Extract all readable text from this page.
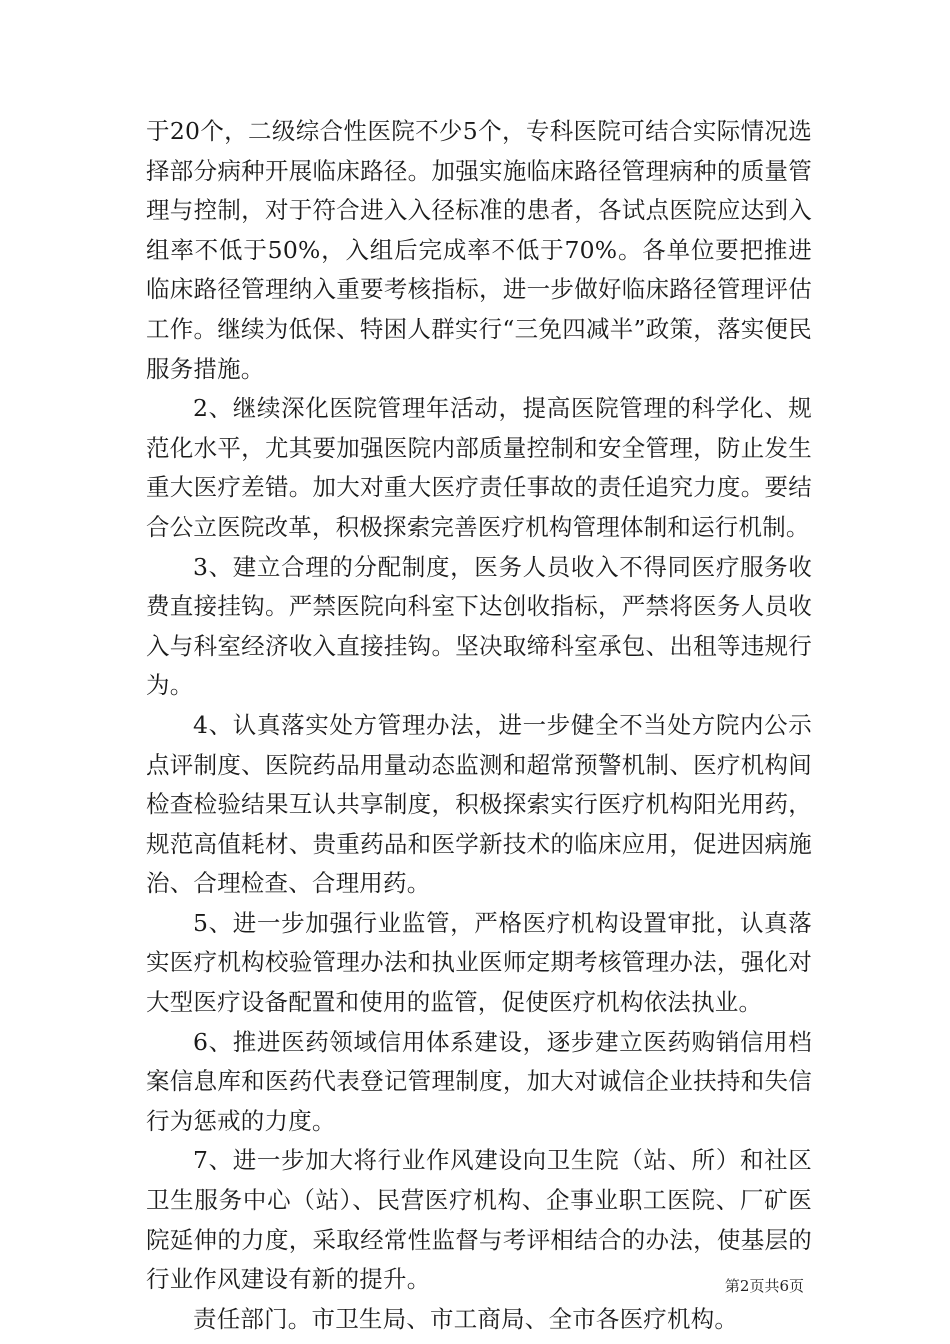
于20个，二级综合性医院不少5个，专科医院可结合实际情况选择部分病种开展临床路径。加强实施临床路径管理病种的质量管理与控制，对于符合进入入径标准的患者，各试点医院应达到入组率不低于50%，入组后完成率不低于70%。各单位要把推进临床路径管理纳入重要考核指标，进一步做好临床路径管理评估工作。继续为低保、特困人群实行“三免四减半”政策，落实便民服务措施。

2、继续深化医院管理年活动，提高医院管理的科学化、规范化水平，尤其要加强医院内部质量控制和安全管理，防止发生重大医疗差错。加大对重大医疗责任事故的责任追究力度。要结合公立医院改革，积极探索完善医疗机构管理体制和运行机制。

3、建立合理的分配制度，医务人员收入不得同医疗服务收费直接挂钩。严禁医院向科室下达创收指标，严禁将医务人员收入与科室经济收入直接挂钩。坚决取缔科室承包、出租等违规行为。

4、认真落实处方管理办法，进一步健全不当处方院内公示点评制度、医院药品用量动态监测和超常预警机制、医疗机构间检查检验结果互认共享制度，积极探索实行医疗机构阳光用药，规范高值耗材、贵重药品和医学新技术的临床应用，促进因病施治、合理检查、合理用药。

5、进一步加强行业监管，严格医疗机构设置审批，认真落实医疗机构校验管理办法和执业医师定期考核管理办法，强化对大型医疗设备配置和使用的监管，促使医疗机构依法执业。

6、推进医药领域信用体系建设，逐步建立医药购销信用档案信息库和医药代表登记管理制度，加大对诚信企业扶持和失信行为惩戒的力度。

7、进一步加大将行业作风建设向卫生院（站、所）和社区卫生服务中心（站）、民营医疗机构、企事业职工医院、厂矿医院延伸的力度，采取经常性监督与考评相结合的办法，使基层的行业作风建设有新的提升。

责任部门。市卫生局、市工商局、全市各医疗机构。

第2页共6页
